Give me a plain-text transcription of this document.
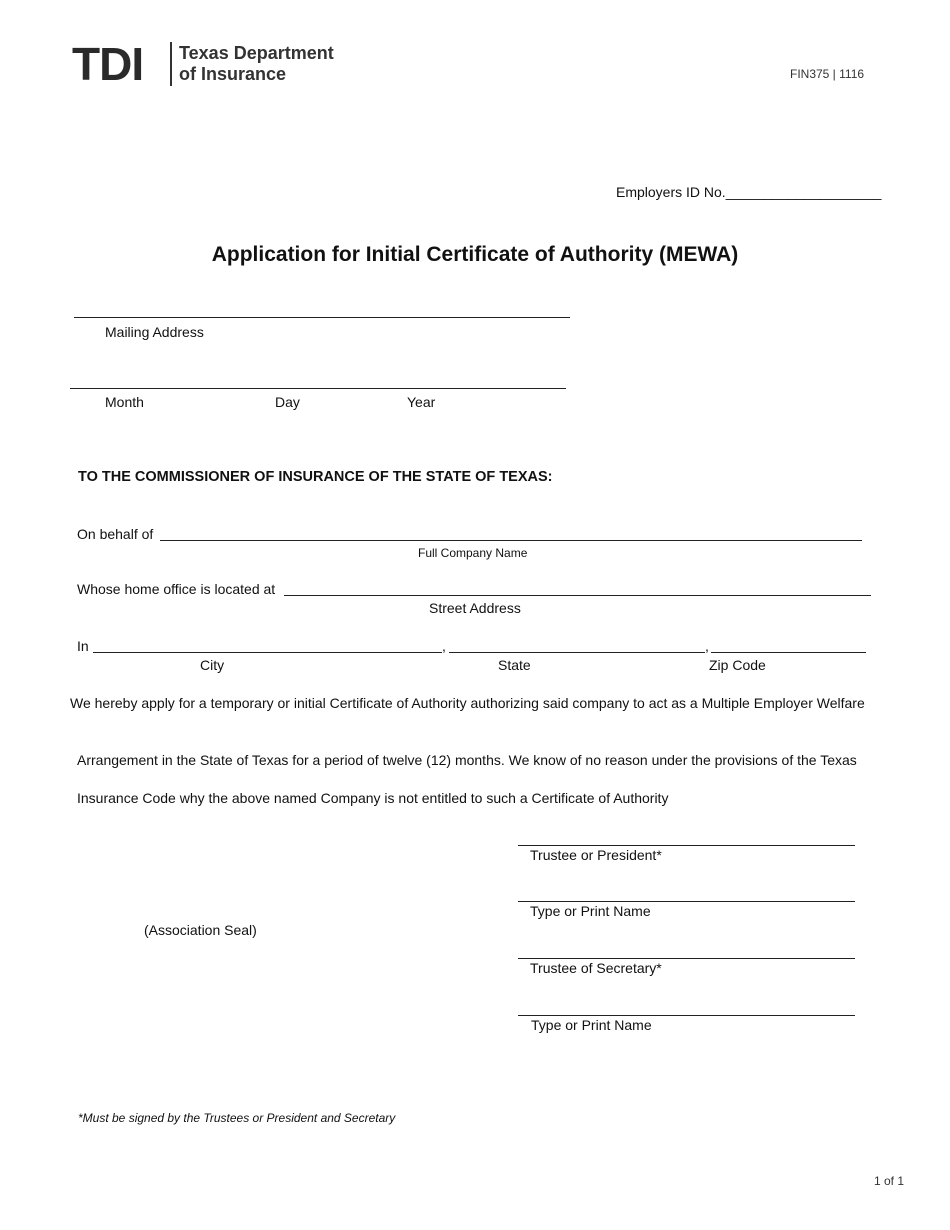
TDI Texas Department
of Insurance	FIN375 | 1116
Employers ID No.____________________
Application for Initial Certificate of Authority (MEWA)
Mailing Address
Month	Day	Year
TO THE COMMISSIONER OF INSURANCE OF THE STATE OF TEXAS:
On behalf of
Full Company Name
Whose home office is located at
Street Address
In	,	,
City	State	Zip Code
We hereby apply for a temporary or initial Certificate of Authority authorizing said company to act as a Multiple Employer Welfare
Arrangement in the State of Texas for a period of twelve (12) months. We know of no reason under the provisions of the Texas
Insurance Code why the above named Company is not entitled to such a Certificate of Authority
Trustee or President*
Type or Print Name
(Association Seal)
Trustee of Secretary*
Type or Print Name
*Must be signed by the Trustees or President and Secretary
1 of 1
